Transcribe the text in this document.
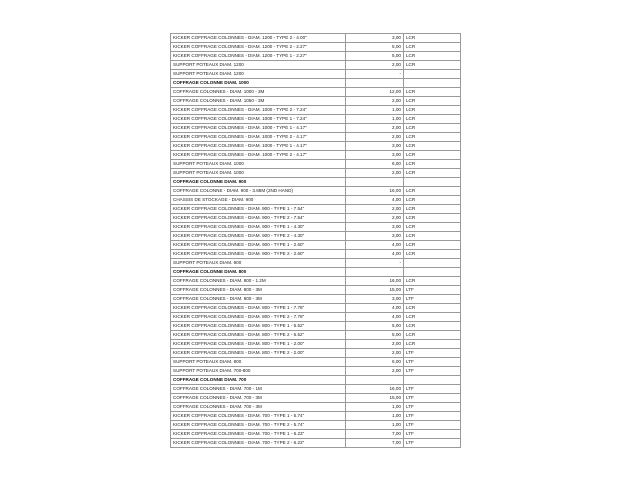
KICKER COFFRAGE COLONNES - DIAM. 1200 - TYPE 2 - 4.00"	3,00	LCR
KICKER COFFRAGE COLONNES - DIAM. 1200 - TYPE 2 - 2.27"	5,00	LCR
KICKER COFFRAGE COLONNES - DIAM. 1200 - TYPE 1 - 2.27"	5,00	LCR
SUPPORT POTEAUX DIAM. 1200	2,00	LCR
SUPPORT POTEAUX DIAM. 1200	-	
COFFRAGE COLONNE DIAM. 1000		
COFFRAGE COLONNES - DIAM. 1000 - 3M	12,00	LCR
COFFRAGE COLONNES - DIAM. 1050 - 3M	2,00	LCR
KICKER COFFRAGE COLONNES - DIAM. 1000 - TYPE 2 - 7.24"	1,00	LCR
KICKER COFFRAGE COLONNES - DIAM. 1000 - TYPE 1 - 7.24"	1,00	LCR
KICKER COFFRAGE COLONNES - DIAM. 1000 - TYPE 1 - 4.17"	2,00	LCR
KICKER COFFRAGE COLONNES - DIAM. 1000 - TYPE 2 - 4.17"	2,00	LCR
KICKER COFFRAGE COLONNES - DIAM. 1000 - TYPE 1 - 4.17"	3,00	LCR
KICKER COFFRAGE COLONNES - DIAM. 1000 - TYPE 2 - 4.17"	3,00	LCR
SUPPORT POTEAUX DIAM. 1000	6,00	LCR
SUPPORT POTEAUX DIAM. 1000	2,00	LCR
COFFRAGE COLONNE DIAM. 900		
COFFRAGE COLONNE - DIAM. 900 - 3.88M (2ND HAND)	16,00	LCR
CHASSIS DE STOCKAGE - DIAM. 900	4,00	LCR
KICKER COFFRAGE COLONNES - DIAM. 900 - TYPE 1 - 7.54"	2,00	LCR
KICKER COFFRAGE COLONNES - DIAM. 900 - TYPE 2 - 7.54"	2,00	LCR
KICKER COFFRAGE COLONNES - DIAM. 900 - TYPE 1 - 4.30"	3,00	LCR
KICKER COFFRAGE COLONNES - DIAM. 900 - TYPE 2 - 4.30"	3,00	LCR
KICKER COFFRAGE COLONNES - DIAM. 900 - TYPE 1 - 2.60"	4,00	LCR
KICKER COFFRAGE COLONNES - DIAM. 900 - TYPE 2 - 2.60"	4,00	LCR
SUPPORT POTEAUX DIAM. 900	-	
COFFRAGE COLONNE DIAM. 800		
COFFRAGE COLONNES - DIAM. 800 - 1.2M	16,00	LCR
COFFRAGE COLONNES - DIAM. 800 - 3M	15,00	LTF
COFFRAGE COLONNES - DIAM. 800 - 3M	3,00	LTF
KICKER COFFRAGE COLONNES - DIAM. 800 - TYPE 1 - 7.78"	4,00	LCR
KICKER COFFRAGE COLONNES - DIAM. 800 - TYPE 2 - 7.78"	4,00	LCR
KICKER COFFRAGE COLONNES - DIAM. 800 - TYPE 1 - 5.52"	5,00	LCR
KICKER COFFRAGE COLONNES - DIAM. 800 - TYPE 2 - 5.52"	5,00	LCR
KICKER COFFRAGE COLONNES - DIAM. 800 - TYPE 1 - 2.00"	2,00	LCR
KICKER COFFRAGE COLONNES - DIAM. 800 - TYPE 2 - 2.00"	2,00	LTF
SUPPORT POTEAUX DIAM. 800	6,00	LTF
SUPPORT POTEAUX DIAM. 700-800	2,00	LTF
COFFRAGE COLONNE DIAM. 700		
COFFRAGE COLONNES - DIAM. 700 - 1M	16,00	LTF
COFFRAGE COLONNES - DIAM. 700 - 3M	15,00	LTF
COFFRAGE COLONNES - DIAM. 700 - 3M	1,00	LTF
KICKER COFFRAGE COLONNES - DIAM. 700 - TYPE 1 - 5.74"	1,00	LTF
KICKER COFFRAGE COLONNES - DIAM. 700 - TYPE 2 - 5.74"	1,00	LTF
KICKER COFFRAGE COLONNES - DIAM. 700 - TYPE 1 - 6.23"	7,00	LTF
KICKER COFFRAGE COLONNES - DIAM. 700 - TYPE 2 - 6.23"	7,00	LTF
